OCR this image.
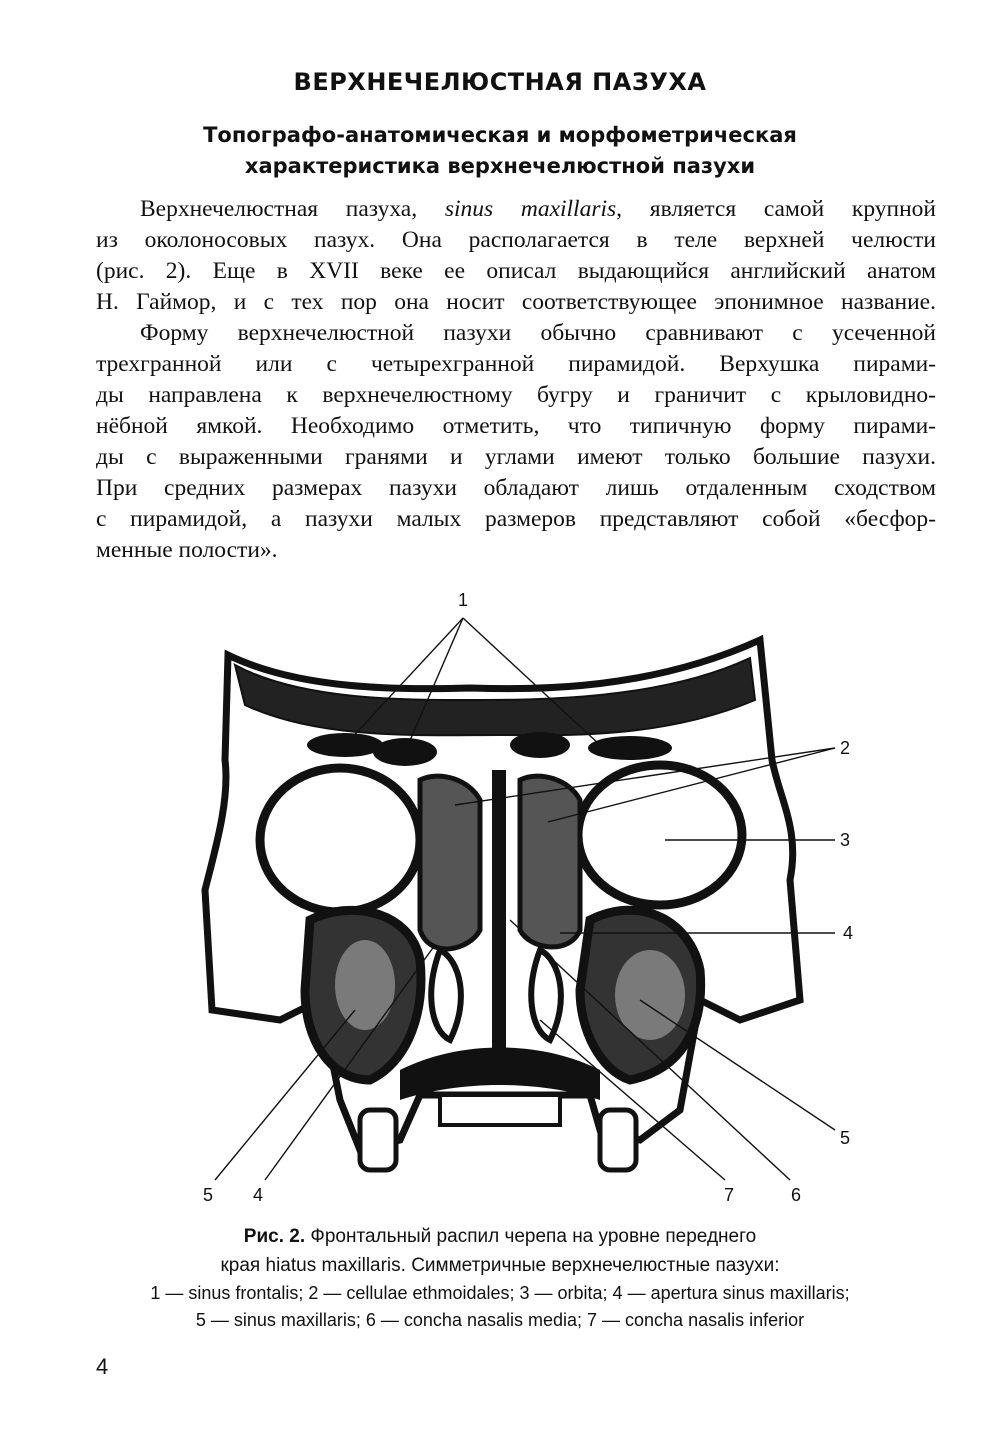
ВЕРХНЕЧЕЛЮСТНАЯ ПАЗУХА
Топографо-анатомическая и морфометрическая
характеристика верхнечелюстной пазухи
Верхнечелюстная пазуха, sinus maxillaris, является самой крупной
из околоносовых пазух. Она располагается в теле верхней челюсти
(рис. 2). Еще в XVII веке ее описал выдающийся английский анатом
Н. Гаймор, и с тех пор она носит соответствующее эпонимное название.
Форму верхнечелюстной пазухи обычно сравнивают с усеченной
трехгранной или с четырехгранной пирамидой. Верхушка пирами-
ды направлена к верхнечелюстному бугру и граничит с крыловидно-
нёбной ямкой. Необходимо отметить, что типичную форму пирами-
ды с выраженными гранями и углами имеют только большие пазухи.
При средних размерах пазухи обладают лишь отдаленным сходством
с пирамидой, а пазухи малых размеров представляют собой «бесфор-
менные полости».
1
2
3
4
5
5 4	7	6
Рис. 2. Фронтальный распил черепа на уровне переднего
края hiatus maxillaris. Симметричные верхнечелюстные пазухи:
1 — sinus frontalis; 2 — cellulae ethmoidales; 3 — orbita; 4 — apertura sinus maxillaris;
5 — sinus maxillaris; 6 — concha nasalis media; 7 — concha nasalis inferior
4
